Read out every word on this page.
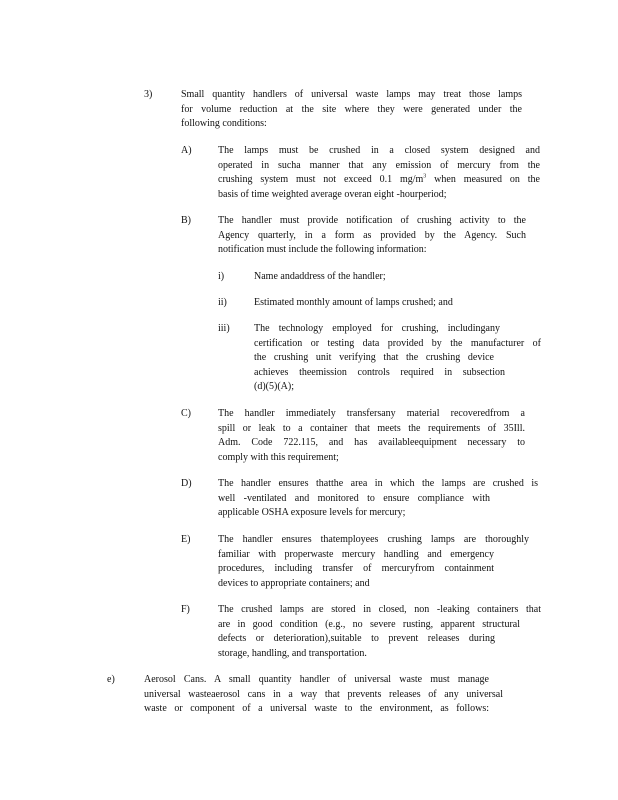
3)	Small quantity handlers of universal waste lamps may treat those lamps
for volume reduction at the site where they were generated under the
following conditions:
A)	The lamps must be crushed in a closed system designed and
operated in sucha manner that any emission of mercury from the
crushing system must not exceed 0.1 $mg/m^3$ when measured on the
basis of time weighted average overan eight -hourperiod;
B)	The handler must provide notification of crushing activity to the
Agency quarterly, in a form as provided by the Agency. Such
notification must include the following information:
i)	Name andaddress of the handler;
ii)	Estimated monthly amount of lamps crushed; and
iii) The technology employed for crushing, includingany
certification or testing data provided by the manufacturer of
the crushing unit verifying that the crushing device
achieves theemission controls required in subsection
(d)(5)(A);
C)	The handler immediately transfersany material recoveredfrom a
spill or leak to a container that meets the requirements of 35Ill.
Adm. Code 722.115, and has availableequipment necessary to
comply with this requirement;
D)	The handler ensures thatthe area in which the lamps are crushed is
well -ventilated and monitored to ensure compliance with
applicable OSHA exposure levels for mercury;
E)	The handler ensures thatemployees crushing lamps are thoroughly
familiar with properwaste mercury handling and emergency
procedures, including transfer of mercuryfrom containment
devices to appropriate containers; and
F)	The crushed lamps are stored in closed, non -leaking containers that
are in good condition (e.g., no severe rusting, apparent structural
defects or deterioration),suitable to prevent releases during
storage, handling, and transportation.
e)	Aerosol Cans. A small quantity handler of universal waste must manage
universal wasteaerosol cans in a way that prevents releases of any universal
waste or component of a universal waste to the environment, as follows:
